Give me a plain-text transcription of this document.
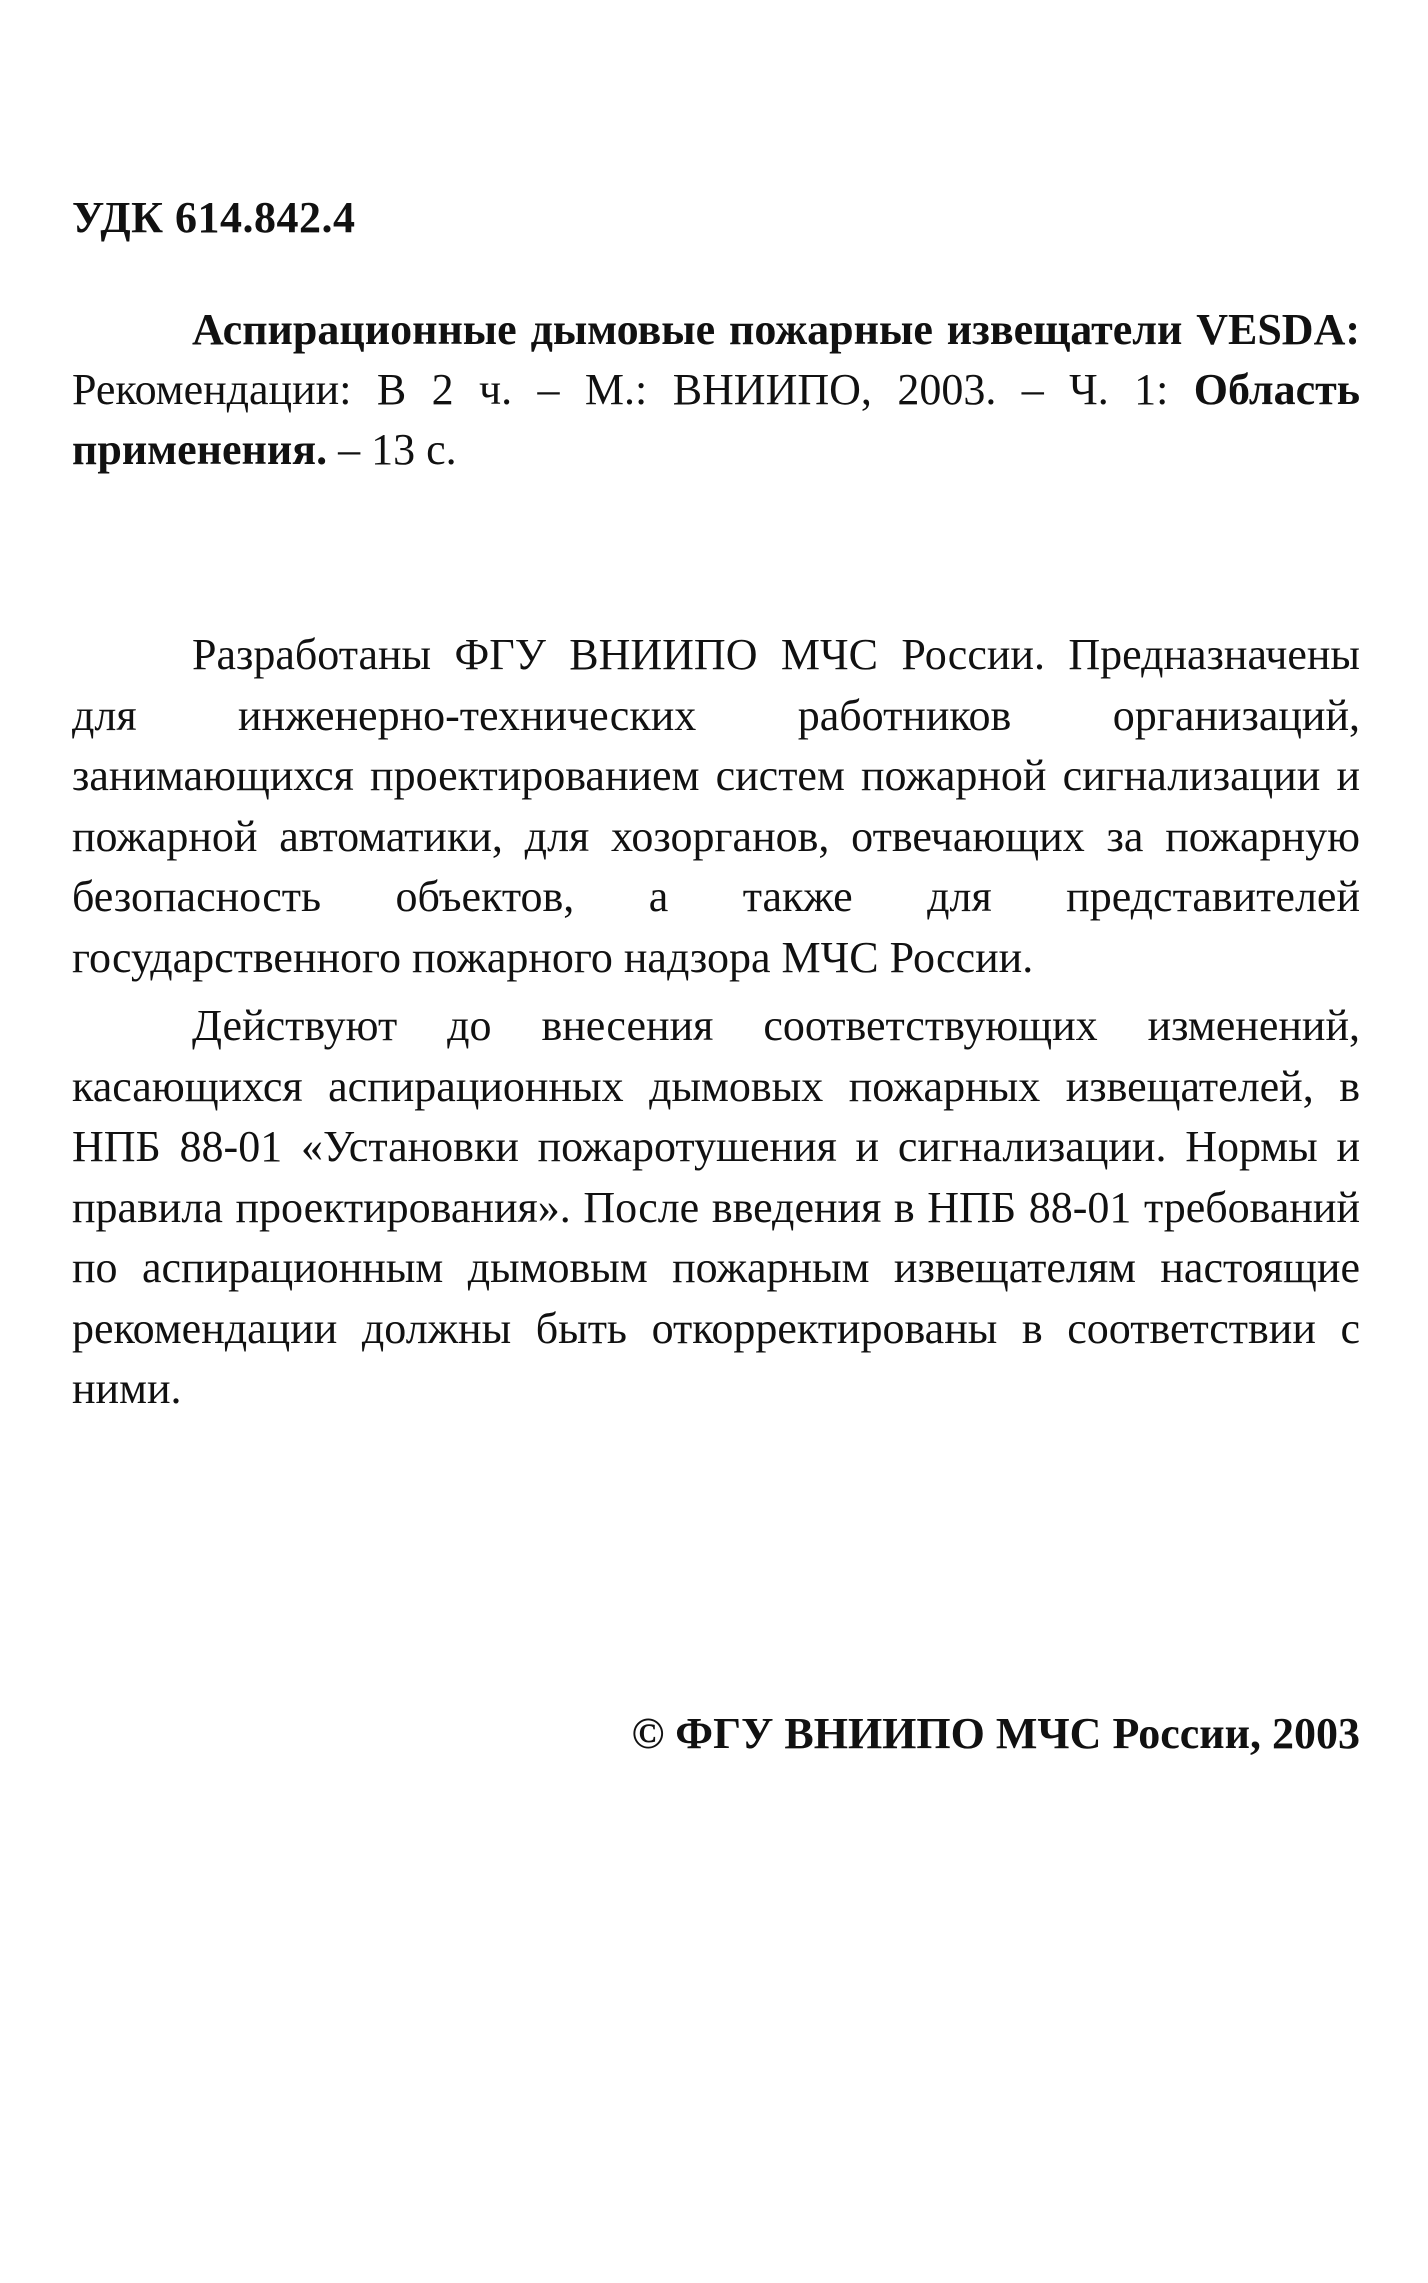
УДК 614.842.4

Аспирационные дымовые пожарные извещатели VESDA: Рекомендации: В 2 ч. – М.: ВНИИПО, 2003. – Ч. 1: Область применения. – 13 с.

Разработаны ФГУ ВНИИПО МЧС России. Предназначены для инженерно-технических работников организаций, занимающихся проектированием систем пожарной сигнализации и пожарной автоматики, для хозорганов, отвечающих за пожарную безопасность объектов, а также для представителей государственного пожарного надзора МЧС России.

Действуют до внесения соответствующих изменений, касающихся аспирационных дымовых пожарных извещателей, в НПБ 88-01 «Установки пожаротушения и сигнализации. Нормы и правила проектирования». После введения в НПБ 88-01 требований по аспирационным дымовым пожарным извещателям настоящие рекомендации должны быть откорректированы в соответствии с ними.

© ФГУ ВНИИПО МЧС России, 2003
